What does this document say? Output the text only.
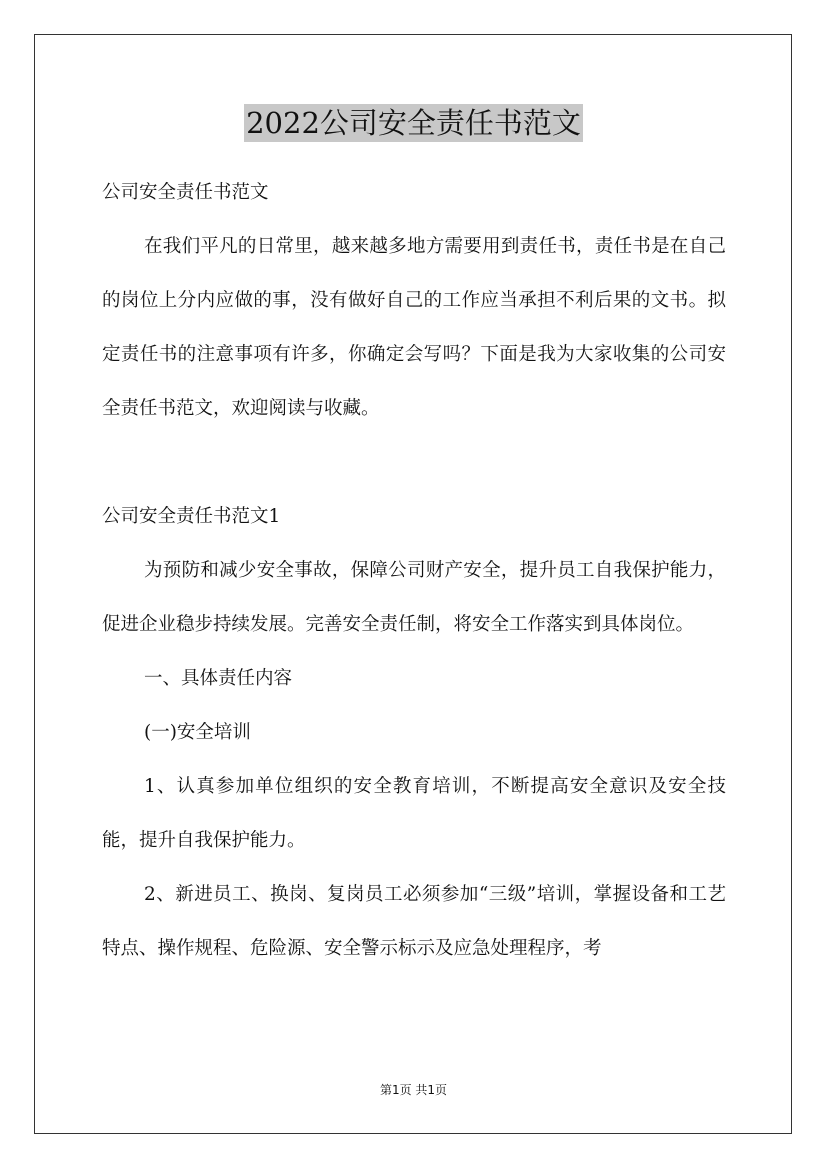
2022公司安全责任书范文

公司安全责任书范文

在我们平凡的日常里，越来越多地方需要用到责任书，责任书是在自己的岗位上分内应做的事，没有做好自己的工作应当承担不利后果的文书。拟定责任书的注意事项有许多，你确定会写吗？下面是我为大家收集的公司安全责任书范文，欢迎阅读与收藏。

公司安全责任书范文1

为预防和减少安全事故，保障公司财产安全，提升员工自我保护能力，促进企业稳步持续发展。完善安全责任制，将安全工作落实到具体岗位。

一、具体责任内容

(一)安全培训

1、认真参加单位组织的安全教育培训，不断提高安全意识及安全技能，提升自我保护能力。

2、新进员工、换岗、复岗员工必须参加“三级”培训，掌握设备和工艺特点、操作规程、危险源、安全警示标示及应急处理程序，考

第1页 共1页
